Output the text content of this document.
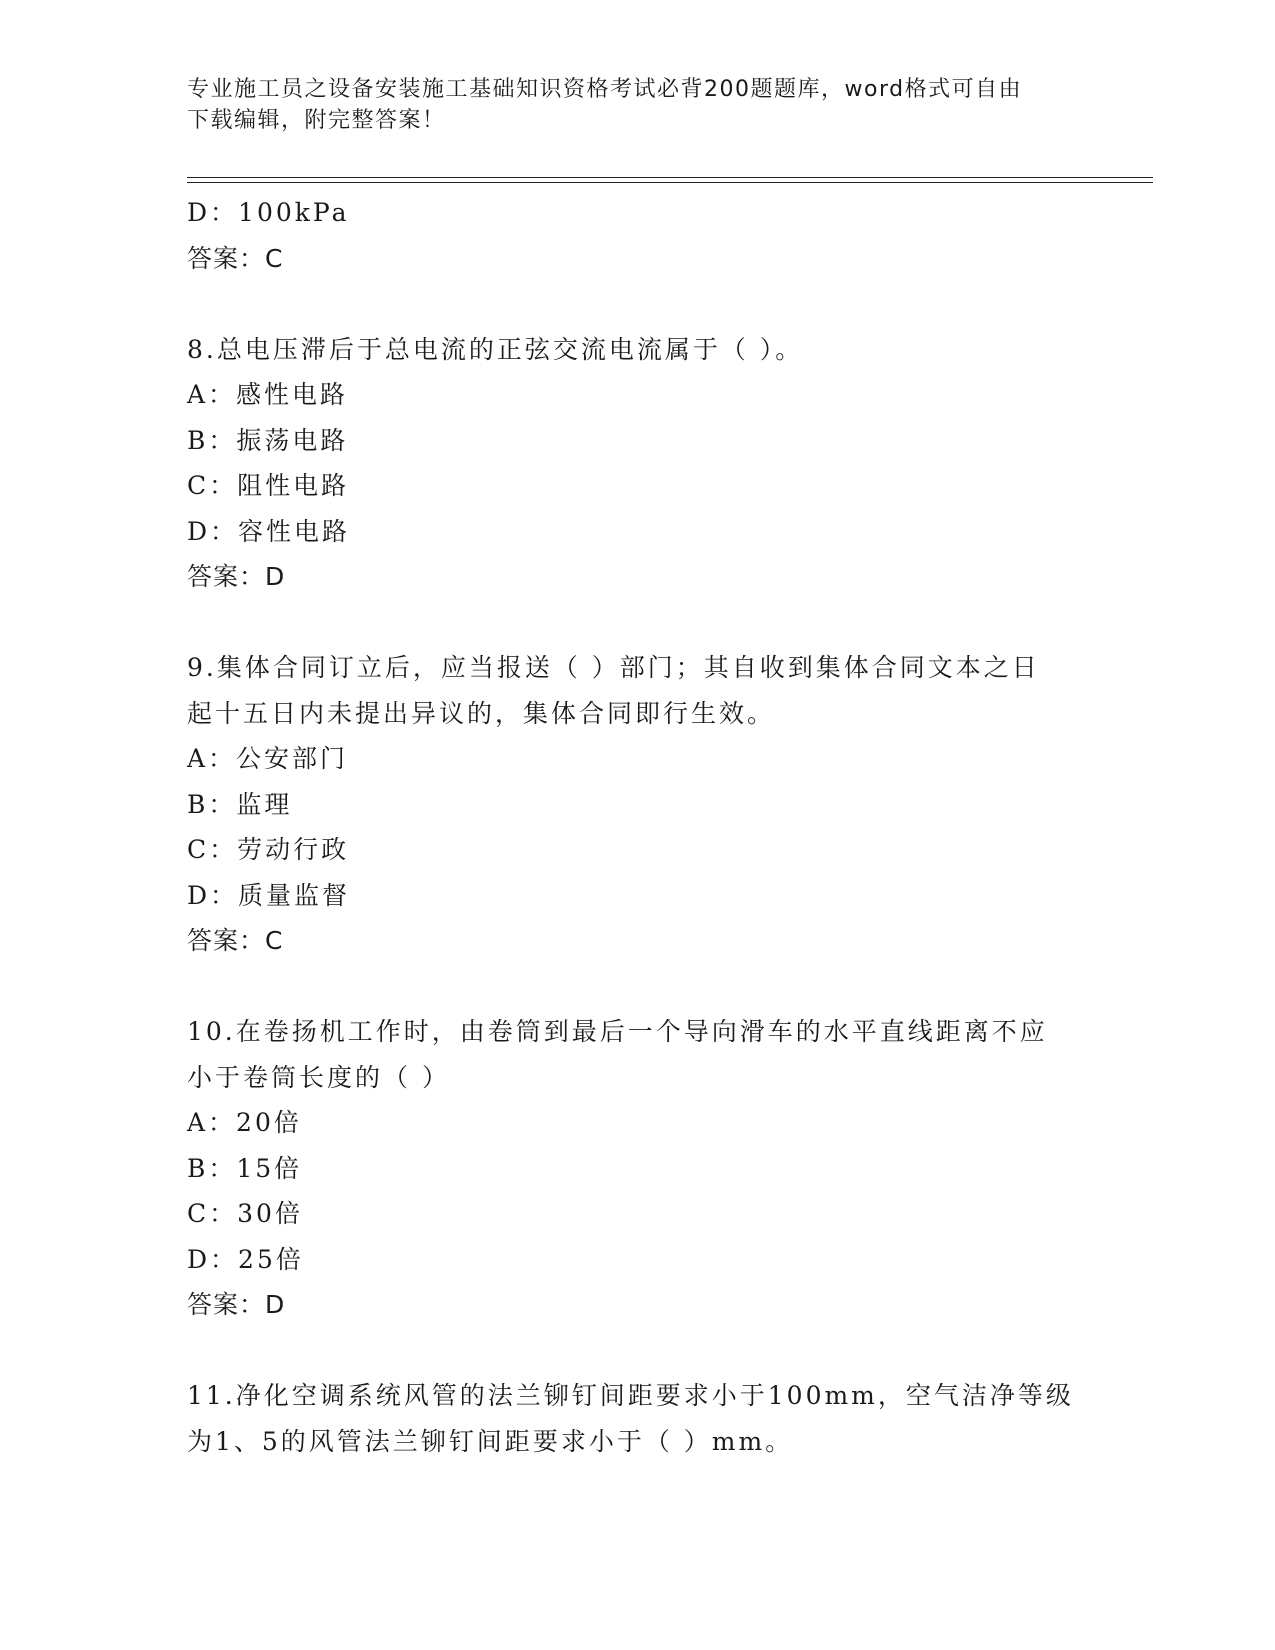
专业施工员之设备安装施工基础知识资格考试必背200题题库，word格式可自由
下载编辑，附完整答案！
D：100kPa
答案：C
8.总电压滞后于总电流的正弦交流电流属于（ ）。
A：感性电路
B：振荡电路
C：阻性电路
D：容性电路
答案：D
9.集体合同订立后，应当报送（ ）部门；其自收到集体合同文本之日
起十五日内未提出异议的，集体合同即行生效。
A：公安部门
B：监理
C：劳动行政
D：质量监督
答案：C
10.在卷扬机工作时，由卷筒到最后一个导向滑车的水平直线距离不应
小于卷筒长度的（ ）
A：20倍
B：15倍
C：30倍
D：25倍
答案：D
11.净化空调系统风管的法兰铆钉间距要求小于100mm，空气洁净等级
为1、5的风管法兰铆钉间距要求小于（ ）mm。
